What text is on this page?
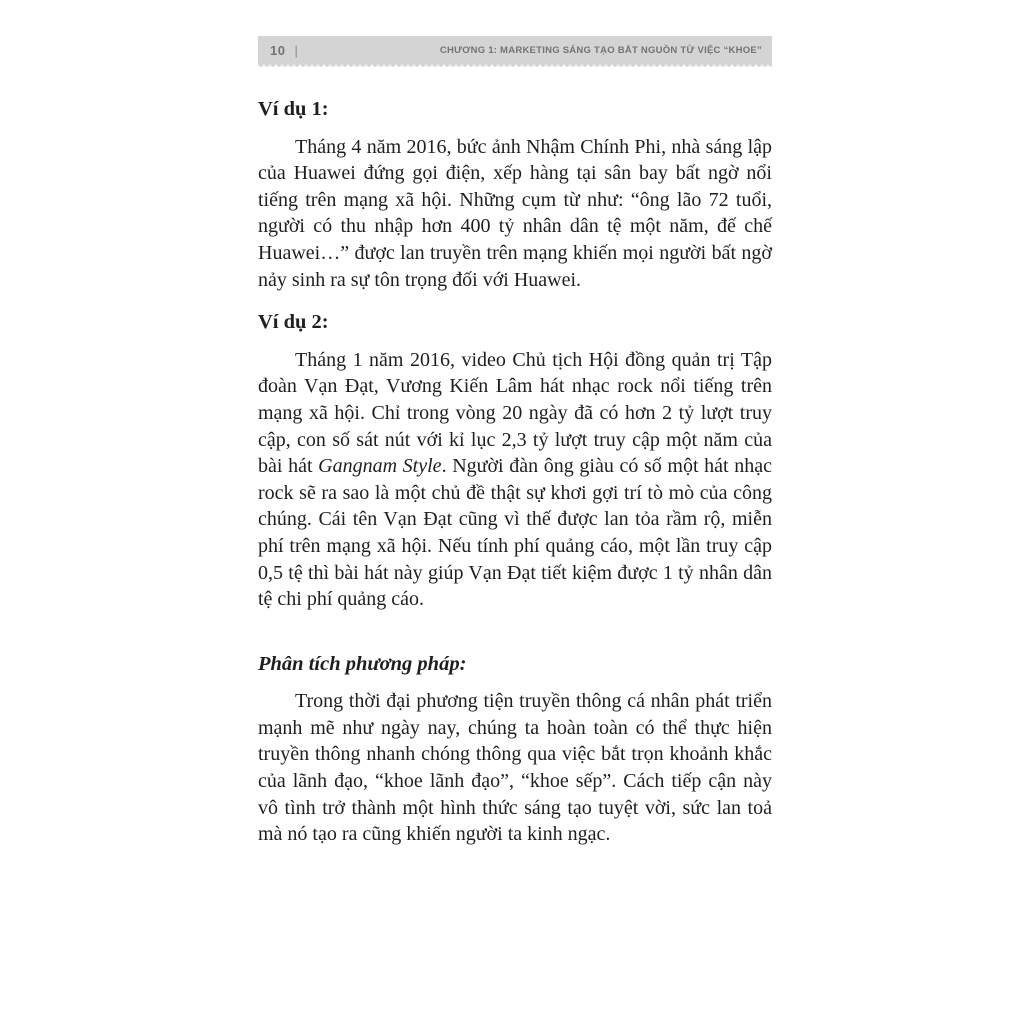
10 |	CHƯƠNG 1: MARKETING SÁNG TẠO BẮT NGUỒN TỪ VIỆC “KHOE”
Ví dụ 1:

Tháng 4 năm 2016, bức ảnh Nhậm Chính Phi, nhà sáng lập của Huawei đứng gọi điện, xếp hàng tại sân bay bất ngờ nổi tiếng trên mạng xã hội. Những cụm từ như: “ông lão 72 tuổi, người có thu nhập hơn 400 tỷ nhân dân tệ một năm, đế chế Huawei…” được lan truyền trên mạng khiến mọi người bất ngờ nảy sinh ra sự tôn trọng đối với Huawei.

Ví dụ 2:

Tháng 1 năm 2016, video Chủ tịch Hội đồng quản trị Tập đoàn Vạn Đạt, Vương Kiến Lâm hát nhạc rock nổi tiếng trên mạng xã hội. Chỉ trong vòng 20 ngày đã có hơn 2 tỷ lượt truy cập, con số sát nút với kỉ lục 2,3 tỷ lượt truy cập một năm của bài hát Gangnam Style. Người đàn ông giàu có số một hát nhạc rock sẽ ra sao là một chủ đề thật sự khơi gợi trí tò mò của công chúng. Cái tên Vạn Đạt cũng vì thế được lan tỏa rầm rộ, miễn phí trên mạng xã hội. Nếu tính phí quảng cáo, một lần truy cập 0,5 tệ thì bài hát này giúp Vạn Đạt tiết kiệm được 1 tỷ nhân dân tệ chi phí quảng cáo.

Phân tích phương pháp:

Trong thời đại phương tiện truyền thông cá nhân phát triển mạnh mẽ như ngày nay, chúng ta hoàn toàn có thể thực hiện truyền thông nhanh chóng thông qua việc bắt trọn khoảnh khắc của lãnh đạo, “khoe lãnh đạo”, “khoe sếp”. Cách tiếp cận này vô tình trở thành một hình thức sáng tạo tuyệt vời, sức lan toả mà nó tạo ra cũng khiến người ta kinh ngạc.
